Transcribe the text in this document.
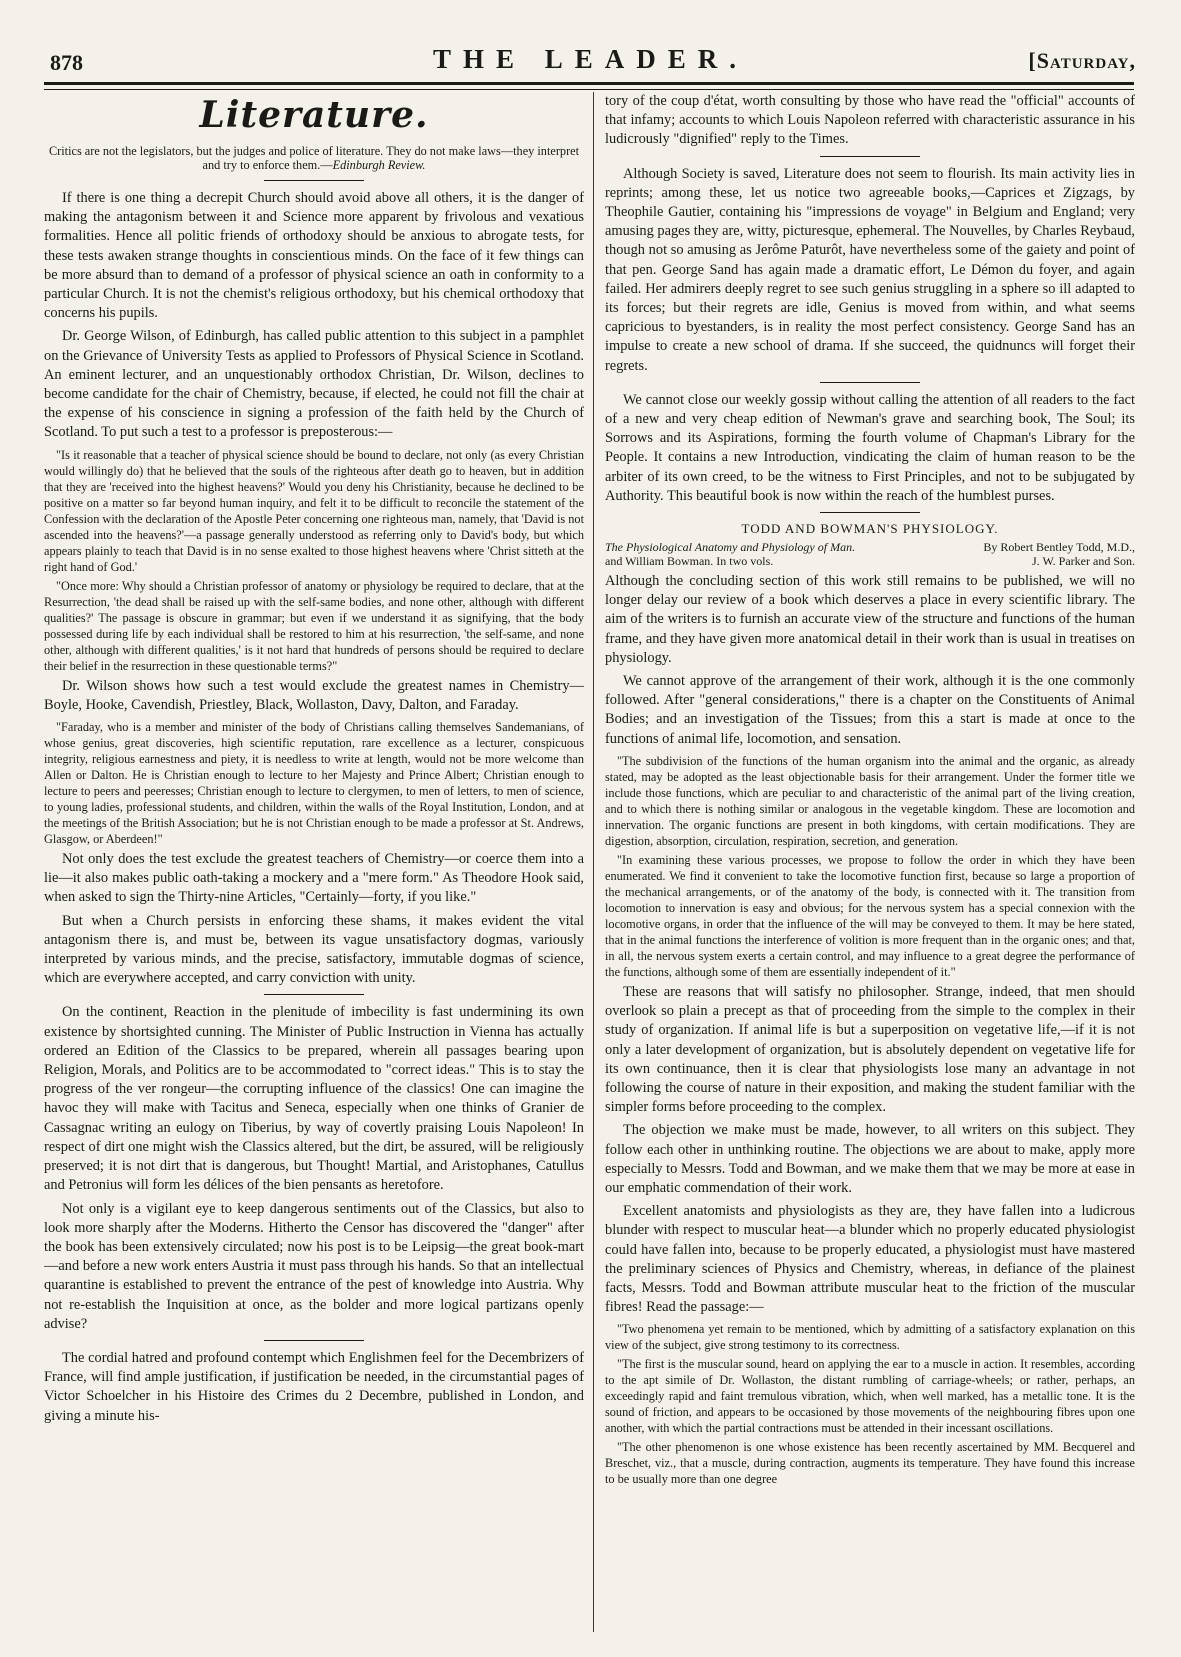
878	THE LEADER.	[Saturday,
Literature.
Critics are not the legislators, but the judges and police of literature. They do not make laws—they interpret and try to enforce them.—Edinburgh Review.

If there is one thing a decrepit Church should avoid above all others, it is the danger of making the antagonism between it and Science more apparent by frivolous and vexatious formalities. Hence all politic friends of orthodoxy should be anxious to abrogate tests, for these tests awaken strange thoughts in conscientious minds. On the face of it few things can be more absurd than to demand of a professor of physical science an oath in conformity to a particular Church. It is not the chemist's religious orthodoxy, but his chemical orthodoxy that concerns his pupils.

Dr. George Wilson, of Edinburgh, has called public attention to this subject in a pamphlet on the Grievance of University Tests as applied to Professors of Physical Science in Scotland. An eminent lecturer, and an unquestionably orthodox Christian, Dr. Wilson, declines to become candidate for the chair of Chemistry, because, if elected, he could not fill the chair at the expense of his conscience in signing a profession of the faith held by the Church of Scotland. To put such a test to a professor is preposterous:—

"Is it reasonable that a teacher of physical science should be bound to declare, not only (as every Christian would willingly do) that he believed that the souls of the righteous after death go to heaven, but in addition that they are 'received into the highest heavens?' Would you deny his Christianity, because he declined to be positive on a matter so far beyond human inquiry, and felt it to be difficult to reconcile the statement of the Confession with the declaration of the Apostle Peter concerning one righteous man, namely, that 'David is not ascended into the heavens?'—a passage generally understood as referring only to David's body, but which appears plainly to teach that David is in no sense exalted to those highest heavens where 'Christ sitteth at the right hand of God.'

"Once more: Why should a Christian professor of anatomy or physiology be required to declare, that at the Resurrection, 'the dead shall be raised up with the self-same bodies, and none other, although with different qualities?' The passage is obscure in grammar; but even if we understand it as signifying, that the body possessed during life by each individual shall be restored to him at his resurrection, 'the self-same, and none other, although with different qualities,' is it not hard that hundreds of persons should be required to declare their belief in the resurrection in these questionable terms?"

Dr. Wilson shows how such a test would exclude the greatest names in Chemistry—Boyle, Hooke, Cavendish, Priestley, Black, Wollaston, Davy, Dalton, and Faraday.

"Faraday, who is a member and minister of the body of Christians calling themselves Sandemanians, of whose genius, great discoveries, high scientific reputation, rare excellence as a lecturer, conspicuous integrity, religious earnestness and piety, it is needless to write at length, would not be more welcome than Allen or Dalton. He is Christian enough to lecture to her Majesty and Prince Albert; Christian enough to lecture to peers and peeresses; Christian enough to lecture to clergymen, to men of letters, to men of science, to young ladies, professional students, and children, within the walls of the Royal Institution, London, and at the meetings of the British Association; but he is not Christian enough to be made a professor at St. Andrews, Glasgow, or Aberdeen!"

Not only does the test exclude the greatest teachers of Chemistry—or coerce them into a lie—it also makes public oath-taking a mockery and a "mere form." As Theodore Hook said, when asked to sign the Thirty-nine Articles, "Certainly—forty, if you like."

But when a Church persists in enforcing these shams, it makes evident the vital antagonism there is, and must be, between its vague unsatisfactory dogmas, variously interpreted by various minds, and the precise, satisfactory, immutable dogmas of science, which are everywhere accepted, and carry conviction with unity.

On the continent, Reaction in the plenitude of imbecility is fast undermining its own existence by shortsighted cunning. The Minister of Public Instruction in Vienna has actually ordered an Edition of the Classics to be prepared, wherein all passages bearing upon Religion, Morals, and Politics are to be accommodated to "correct ideas." This is to stay the progress of the ver rongeur—the corrupting influence of the classics! One can imagine the havoc they will make with Tacitus and Seneca, especially when one thinks of Granier de Cassagnac writing an eulogy on Tiberius, by way of covertly praising Louis Napoleon! In respect of dirt one might wish the Classics altered, but the dirt, be assured, will be religiously preserved; it is not dirt that is dangerous, but Thought! Martial, and Aristophanes, Catullus and Petronius will form les délices of the bien pensants as heretofore.

Not only is a vigilant eye to keep dangerous sentiments out of the Classics, but also to look more sharply after the Moderns. Hitherto the Censor has discovered the "danger" after the book has been extensively circulated; now his post is to be Leipsig—the great book-mart—and before a new work enters Austria it must pass through his hands. So that an intellectual quarantine is established to prevent the entrance of the pest of knowledge into Austria. Why not re-establish the Inquisition at once, as the bolder and more logical partizans openly advise?

The cordial hatred and profound contempt which Englishmen feel for the Decembrizers of France, will find ample justification, if justification be needed, in the circumstantial pages of Victor Schoelcher in his Histoire des Crimes du 2 Decembre, published in London, and giving a minute his-

tory of the coup d'état, worth consulting by those who have read the "official" accounts of that infamy; accounts to which Louis Napoleon referred with characteristic assurance in his ludicrously "dignified" reply to the Times.

Although Society is saved, Literature does not seem to flourish. Its main activity lies in reprints; among these, let us notice two agreeable books,—Caprices et Zigzags, by Theophile Gautier, containing his "impressions de voyage" in Belgium and England; very amusing pages they are, witty, picturesque, ephemeral. The Nouvelles, by Charles Reybaud, though not so amusing as Jerôme Paturôt, have nevertheless some of the gaiety and point of that pen. George Sand has again made a dramatic effort, Le Démon du foyer, and again failed. Her admirers deeply regret to see such genius struggling in a sphere so ill adapted to its forces; but their regrets are idle, Genius is moved from within, and what seems capricious to byestanders, is in reality the most perfect consistency. George Sand has an impulse to create a new school of drama. If she succeed, the quidnuncs will forget their regrets.

We cannot close our weekly gossip without calling the attention of all readers to the fact of a new and very cheap edition of Newman's grave and searching book, The Soul; its Sorrows and its Aspirations, forming the fourth volume of Chapman's Library for the People. It contains a new Introduction, vindicating the claim of human reason to be the arbiter of its own creed, to be the witness to First Principles, and not to be subjugated by Authority. This beautiful book is now within the reach of the humblest purses.

TODD AND BOWMAN'S PHYSIOLOGY.
The Physiological Anatomy and Physiology of Man.	By Robert Bentley Todd, M.D.,
and William Bowman. In two vols.	J. W. Parker and Son.

Although the concluding section of this work still remains to be published, we will no longer delay our review of a book which deserves a place in every scientific library. The aim of the writers is to furnish an accurate view of the structure and functions of the human frame, and they have given more anatomical detail in their work than is usual in treatises on physiology.

We cannot approve of the arrangement of their work, although it is the one commonly followed. After "general considerations," there is a chapter on the Constituents of Animal Bodies; and an investigation of the Tissues; from this a start is made at once to the functions of animal life, locomotion, and sensation.

"The subdivision of the functions of the human organism into the animal and the organic, as already stated, may be adopted as the least objectionable basis for their arrangement. Under the former title we include those functions, which are peculiar to and characteristic of the animal part of the living creation, and to which there is nothing similar or analogous in the vegetable kingdom. These are locomotion and innervation. The organic functions are present in both kingdoms, with certain modifications. They are digestion, absorption, circulation, respiration, secretion, and generation.

"In examining these various processes, we propose to follow the order in which they have been enumerated. We find it convenient to take the locomotive function first, because so large a proportion of the mechanical arrangements, or of the anatomy of the body, is connected with it. The transition from locomotion to innervation is easy and obvious; for the nervous system has a special connexion with the locomotive organs, in order that the influence of the will may be conveyed to them. It may be here stated, that in the animal functions the interference of volition is more frequent than in the organic ones; and that, in all, the nervous system exerts a certain control, and may influence to a great degree the performance of the functions, although some of them are essentially independent of it."

These are reasons that will satisfy no philosopher. Strange, indeed, that men should overlook so plain a precept as that of proceeding from the simple to the complex in their study of organization. If animal life is but a superposition on vegetative life,—if it is not only a later development of organization, but is absolutely dependent on vegetative life for its own continuance, then it is clear that physiologists lose many an advantage in not following the course of nature in their exposition, and making the student familiar with the simpler forms before proceeding to the complex.

The objection we make must be made, however, to all writers on this subject. They follow each other in unthinking routine. The objections we are about to make, apply more especially to Messrs. Todd and Bowman, and we make them that we may be more at ease in our emphatic commendation of their work.

Excellent anatomists and physiologists as they are, they have fallen into a ludicrous blunder with respect to muscular heat—a blunder which no properly educated physiologist could have fallen into, because to be properly educated, a physiologist must have mastered the preliminary sciences of Physics and Chemistry, whereas, in defiance of the plainest facts, Messrs. Todd and Bowman attribute muscular heat to the friction of the muscular fibres! Read the passage:—

"Two phenomena yet remain to be mentioned, which by admitting of a satisfactory explanation on this view of the subject, give strong testimony to its correctness.

"The first is the muscular sound, heard on applying the ear to a muscle in action. It resembles, according to the apt simile of Dr. Wollaston, the distant rumbling of carriage-wheels; or rather, perhaps, an exceedingly rapid and faint tremulous vibration, which, when well marked, has a metallic tone. It is the sound of friction, and appears to be occasioned by those movements of the neighbouring fibres upon one another, with which the partial contractions must be attended in their incessant oscillations.

"The other phenomenon is one whose existence has been recently ascertained by MM. Becquerel and Breschet, viz., that a muscle, during contraction, augments its temperature. They have found this increase to be usually more than one degree
